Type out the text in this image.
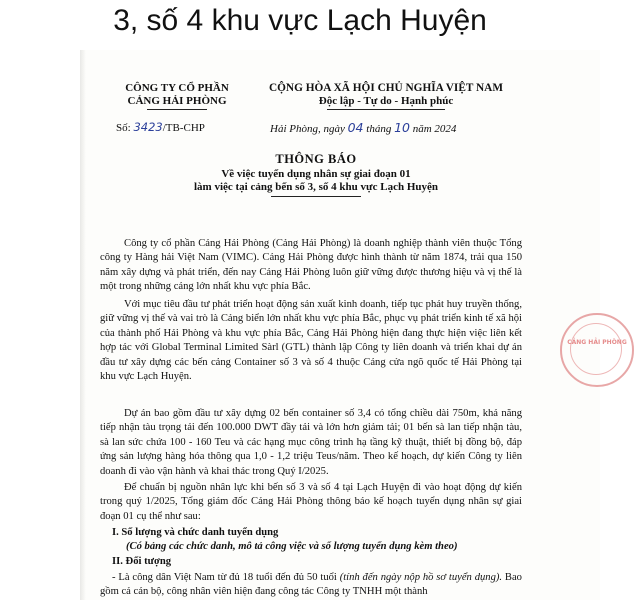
3, số 4 khu vực Lạch Huyện
CÔNG TY CỔ PHẦN
CẢNG HẢI PHÒNG
CỘNG HÒA XÃ HỘI CHỦ NGHĨA VIỆT NAM
Độc lập - Tự do - Hạnh phúc
Số: 3423/TB-CHP	Hải Phòng, ngày 04 tháng 10 năm 2024
THÔNG BÁO
Về việc tuyển dụng nhân sự giai đoạn 01
làm việc tại cảng bến số 3, số 4 khu vực Lạch Huyện

Công ty cổ phần Cảng Hải Phòng (Cảng Hải Phòng) là doanh nghiệp thành viên thuộc Tổng công ty Hàng hải Việt Nam (VIMC). Cảng Hải Phòng được hình thành từ năm 1874, trải qua 150 năm xây dựng và phát triển, đến nay Cảng Hải Phòng luôn giữ vững được thương hiệu và vị thế là một trong những cảng lớn nhất khu vực phía Bắc.

Với mục tiêu đầu tư phát triển hoạt động sản xuất kinh doanh, tiếp tục phát huy truyền thống, giữ vững vị thế và vai trò là Cảng biển lớn nhất khu vực phía Bắc, phục vụ phát triển kinh tế xã hội của thành phố Hải Phòng và khu vực phía Bắc, Cảng Hải Phòng hiện đang thực hiện việc liên kết hợp tác với Global Terminal Limited Sàrl (GTL) thành lập Công ty liên doanh và triển khai dự án đầu tư xây dựng các bến cảng Container số 3 và số 4 thuộc Cảng cửa ngõ quốc tế Hải Phòng tại khu vực Lạch Huyện.

Dự án bao gồm đầu tư xây dựng 02 bến container số 3,4 có tổng chiều dài 750m, khả năng tiếp nhận tàu trọng tải đến 100.000 DWT đầy tải và lớn hơn giảm tải; 01 bến sà lan tiếp nhận tàu, sà lan sức chứa 100 - 160 Teu và các hạng mục công trình hạ tầng kỹ thuật, thiết bị đồng bộ, đáp ứng sản lượng hàng hóa thông qua 1,0 - 1,2 triệu Teus/năm. Theo kế hoạch, dự kiến Công ty liên doanh đi vào vận hành và khai thác trong Quý I/2025.

Để chuẩn bị nguồn nhân lực khi bến số 3 và số 4 tại Lạch Huyện đi vào hoạt động dự kiến trong quý 1/2025, Tổng giám đốc Cảng Hải Phòng thông báo kế hoạch tuyển dụng nhân sự giai đoạn 01 cụ thể như sau:

I. Số lượng và chức danh tuyển dụng
(Có bảng các chức danh, mô tả công việc và số lượng tuyển dụng kèm theo)
II. Đối tượng

- Là công dân Việt Nam từ đủ 18 tuổi đến đủ 50 tuổi (tính đến ngày nộp hồ sơ tuyển dụng). Bao gồm cả cán bộ, công nhân viên hiện đang công tác Công ty TNHH một thành

CẢNG HẢI PHÒNG
